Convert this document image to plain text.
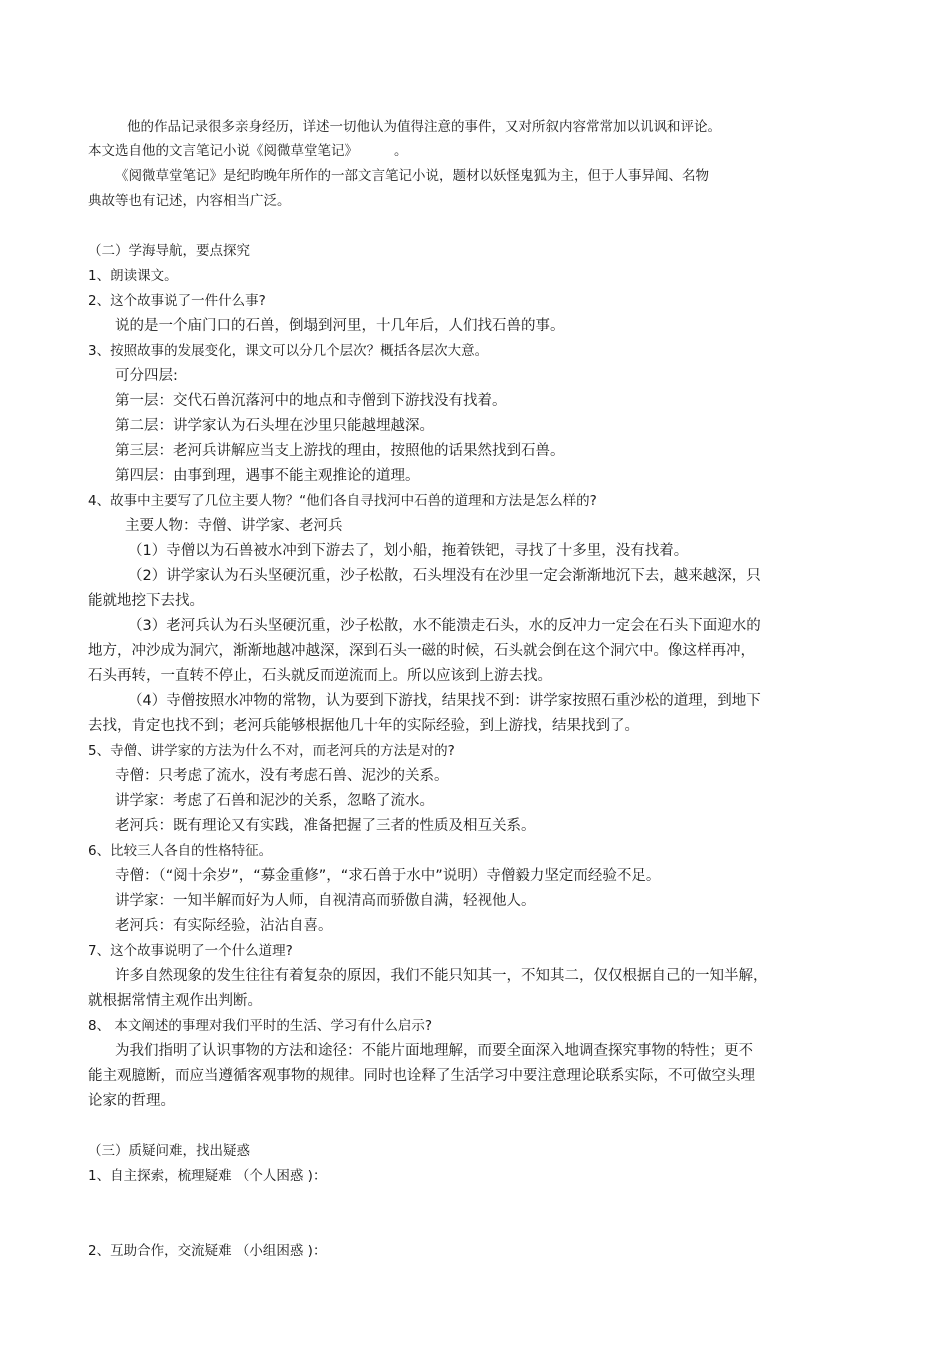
他的作品记录很多亲身经历，详述一切他认为值得注意的事件，又对所叙内容常常加以讥讽和评论。
本文选自他的文言笔记小说《阅微草堂笔记》	。
《阅微草堂笔记》是纪昀晚年所作的一部文言笔记小说，题材以妖怪鬼狐为主，但于人事异闻、名物
典故等也有记述，内容相当广泛。
（二）学海导航，要点探究
1、朗读课文。
2、这个故事说了一件什么事?
说的是一个庙门口的石兽，倒塌到河里，十几年后，人们找石兽的事。
3、按照故事的发展变化，课文可以分几个层次？概括各层次大意。
可分四层:
第一层：交代石兽沉落河中的地点和寺僧到下游找没有找着。
第二层：讲学家认为石头埋在沙里只能越埋越深。
第三层：老河兵讲解应当支上游找的理由，按照他的话果然找到石兽。
第四层：由事到理，遇事不能主观推论的道理。
4、故事中主要写了几位主要人物？“他们各自寻找河中石兽的道理和方法是怎么样的?
主要人物：寺僧、讲学家、老河兵
（1）寺僧以为石兽被水冲到下游去了，划小船，拖着铁钯，寻找了十多里，没有找着。
（2）讲学家认为石头坚硬沉重，沙子松散，石头埋没有在沙里一定会渐渐地沉下去，越来越深，只
能就地挖下去找。
（3）老河兵认为石头坚硬沉重，沙子松散，水不能溃走石头，水的反冲力一定会在石头下面迎水的
地方，冲沙成为洞穴，渐渐地越冲越深，深到石头一磁的时候，石头就会倒在这个洞穴中。像这样再冲，
石头再转，一直转不停止，石头就反而逆流而上。所以应该到上游去找。
（4）寺僧按照水冲物的常物，认为要到下游找，结果找不到：讲学家按照石重沙松的道理，到地下
去找，肯定也找不到；老河兵能够根据他几十年的实际经验，到上游找，结果找到了。
5、寺僧、讲学家的方法为什么不对，而老河兵的方法是对的?
寺僧：只考虑了流水，没有考虑石兽、泥沙的关系。
讲学家：考虑了石兽和泥沙的关系，忽略了流水。
老河兵：既有理论又有实践，准备把握了三者的性质及相互关系。
6、比较三人各自的性格特征。
寺僧：（“阅十余岁”，“募金重修”，“求石兽于水中”说明）寺僧毅力坚定而经验不足。
讲学家：一知半解而好为人师，自视清高而骄傲自满，轻视他人。
老河兵：有实际经验，沾沾自喜。
7、这个故事说明了一个什么道理?
许多自然现象的发生往往有着复杂的原因，我们不能只知其一，不知其二，仅仅根据自己的一知半解，
就根据常情主观作出判断。
8、 本文阐述的事理对我们平时的生活、学习有什么启示?
为我们指明了认识事物的方法和途径：不能片面地理解，而要全面深入地调查探究事物的特性；更不
能主观臆断，而应当遵循客观事物的规律。同时也诠释了生活学习中要注意理论联系实际，不可做空头理
论家的哲理。
（三）质疑问难，找出疑惑
1、自主探索，梳理疑难 （个人困惑 )：
2、互助合作，交流疑难 （小组困惑 )：
